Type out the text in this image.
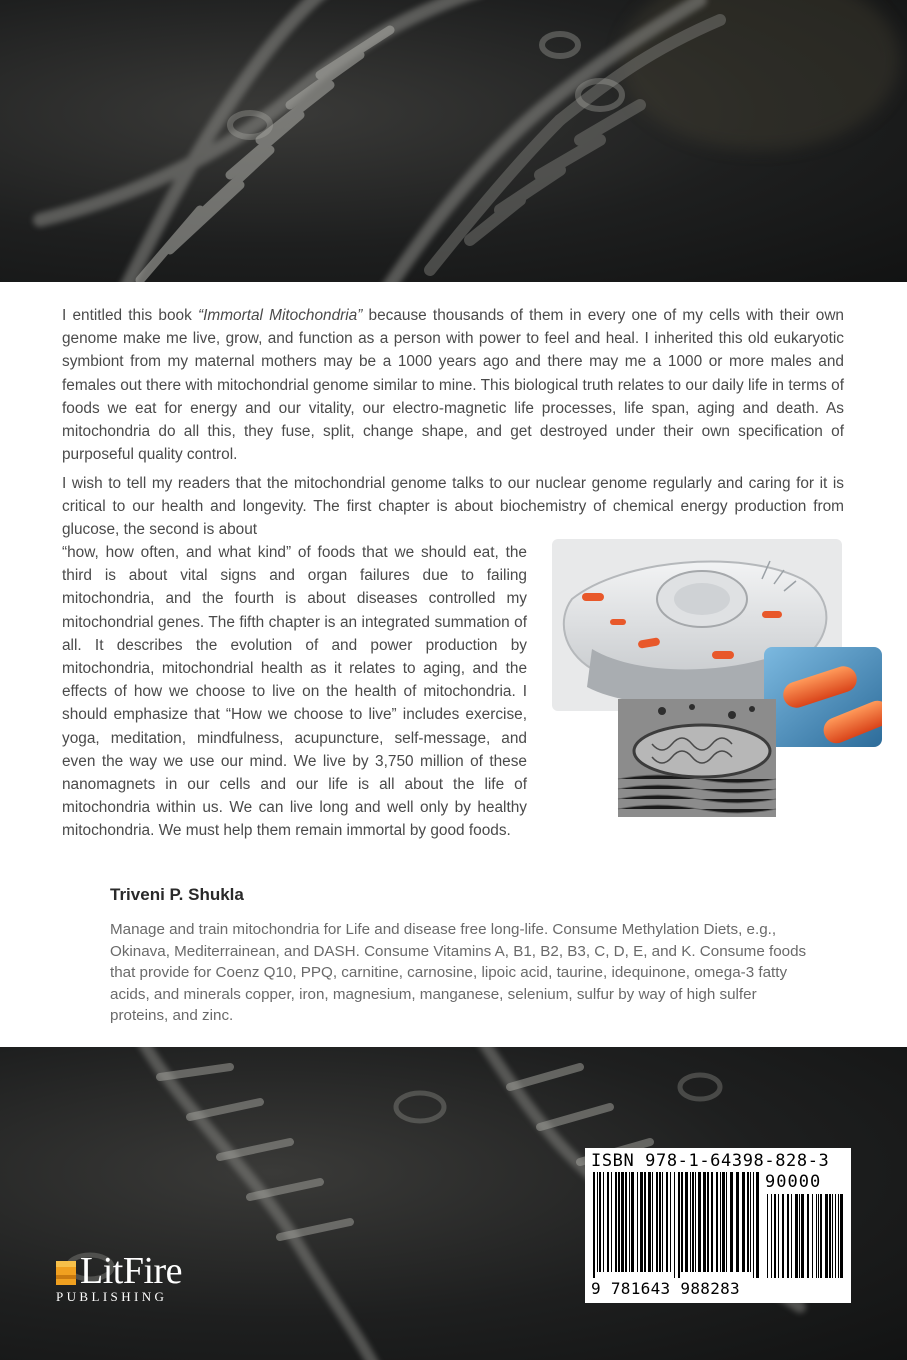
I entitled this book “Immortal Mitochondria” because thousands of them in every one of my cells with their own genome make me live, grow, and function as a person with power to feel and heal. I inherited this old eukaryotic symbiont from my maternal mothers may be a 1000 years ago and there may me a 1000 or more males and females out there with mitochondrial genome similar to mine. This biological truth relates to our daily life in terms of foods we eat for energy and our vitality, our electro-magnetic life processes, life span, aging and death. As mitochondria do all this, they fuse, split, change shape, and get destroyed under their own specification of purposeful quality control.

I wish to tell my readers that the mitochondrial genome talks to our nuclear genome regularly and caring for it is critical to our health and longevity. The first chapter is about biochemistry of chemical energy production from glucose, the second is about

“how, how often, and what kind” of foods that we should eat, the third is about vital signs and organ failures due to failing mitochondria, and the fourth is about diseases controlled my mitochondrial genes. The fifth chapter is an integrated summation of all. It describes the evolution of and power production by mitochondria, mitochondrial health as it relates to aging, and the effects of how we choose to live on the health of mitochondria. I should emphasize that “How we choose to live” includes exercise, yoga, meditation, mindfulness, acupuncture, self-message, and even the way we use our mind. We live by 3,750 million of these nanomagnets in our cells and our life is all about the life of mitochondria within us. We can live long and well only by healthy mitochondria. We must help them remain immortal by good foods.

Triveni P. Shukla

Manage and train mitochondria for Life and disease free long-life. Consume Methylation Diets, e.g., Okinava, Mediterrainean, and DASH. Consume Vitamins A, B1, B2, B3, C, D, E, and K. Consume foods that provide for Coenz Q10, PPQ, carnitine, carnosine, lipoic acid, taurine, idequinone, omega-3 fatty acids, and minerals copper, iron, magnesium, manganese, selenium, sulfur by way of high sulfer proteins, and zinc.

LitFire
PUBLISHING
ISBN 978-1-64398-828-3
90000
9 781643 988283
